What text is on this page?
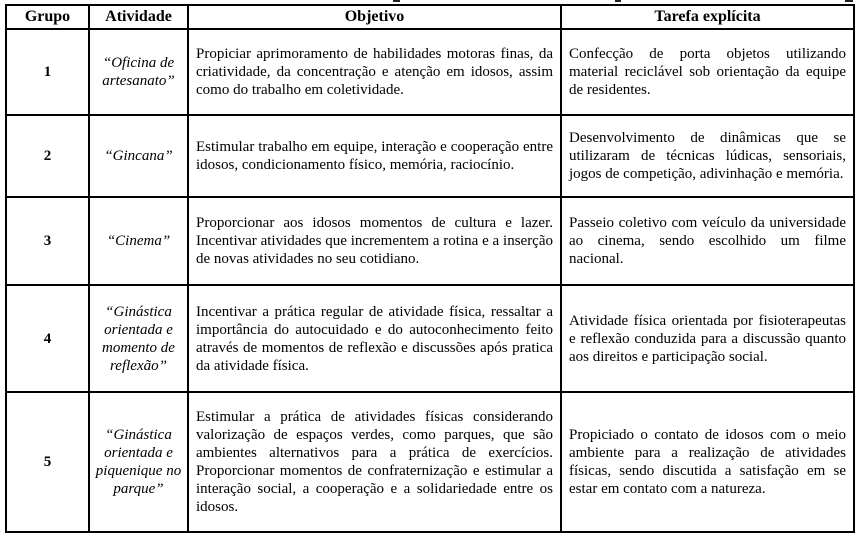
Grupo	Atividade	Objetivo	Tarefa explícita
1	“Oficina de artesanato”	Propiciar aprimoramento de habilidades motoras finas, da criatividade, da concentração e atenção em idosos, assim como do trabalho em coletividade.	Confecção de porta objetos utilizando material reciclável sob orientação da equipe de residentes.
2	“Gincana”	Estimular trabalho em equipe, interação e cooperação entre idosos, condicionamento físico, memória, raciocínio.	Desenvolvimento de dinâmicas que se utilizaram de técnicas lúdicas, sensoriais, jogos de competição, adivinhação e memória.
3	“Cinema”	Proporcionar aos idosos momentos de cultura e lazer. Incentivar atividades que incrementem a rotina e a inserção de novas atividades no seu cotidiano.	Passeio coletivo com veículo da universidade ao cinema, sendo escolhido um filme nacional.
4	“Ginástica orientada e momento de reflexão”	Incentivar a prática regular de atividade física, ressaltar a importância do autocuidado e do autoconhecimento feito através de momentos de reflexão e discussões após pratica da atividade física.	Atividade física orientada por fisioterapeutas e reflexão conduzida para a discussão quanto aos direitos e participação social.
5	“Ginástica orientada e piquenique no parque”	Estimular a prática de atividades físicas considerando valorização de espaços verdes, como parques, que são ambientes alternativos para a prática de exercícios. Proporcionar momentos de confraternização e estimular a interação social, a cooperação e a solidariedade entre os idosos.	Propiciado o contato de idosos com o meio ambiente para a realização de atividades físicas, sendo discutida a satisfação em se estar em contato com a natureza.
